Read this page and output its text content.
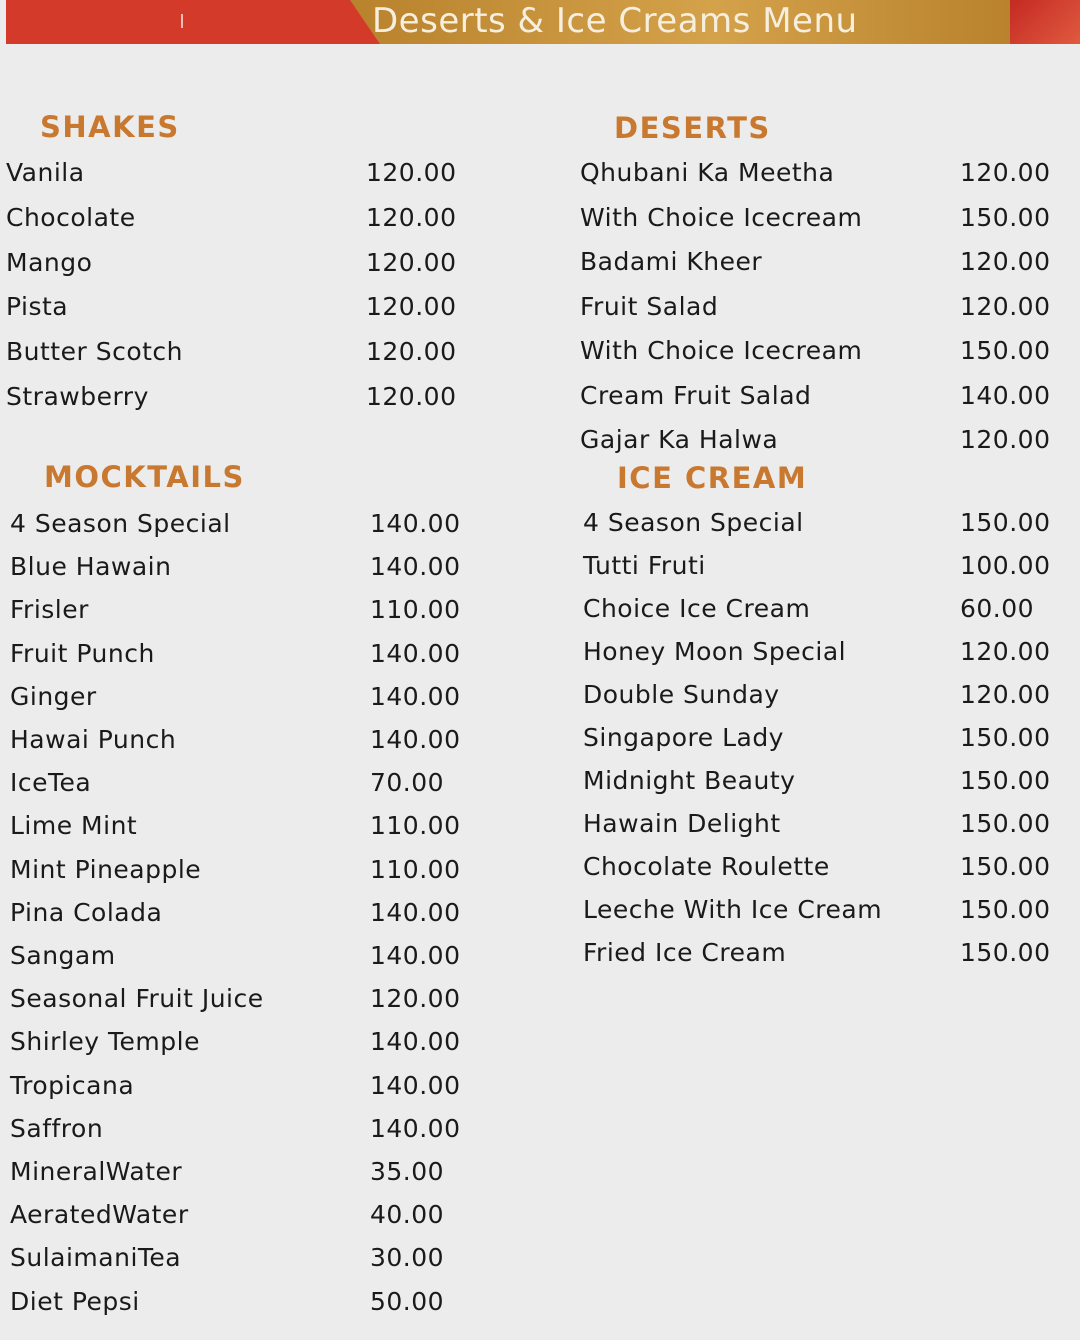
Deserts & Ice Creams Menu
SHAKES
MOCKTAILS
DESERTS
ICE CREAM
Vanila	120.00
Chocolate	120.00
Mango	120.00
Pista	120.00
Butter Scotch	120.00
Strawberry	120.00
4 Season Special	140.00
Blue Hawain	140.00
Frisler	110.00
Fruit Punch	140.00
Ginger	140.00
Hawai Punch	140.00
IceTea	70.00
Lime Mint	110.00
Mint Pineapple	110.00
Pina Colada	140.00
Sangam	140.00
Seasonal Fruit Juice	120.00
Shirley Temple	140.00
Tropicana	140.00
Saffron	140.00
MineralWater	35.00
AeratedWater	40.00
SulaimaniTea	30.00
Diet Pepsi	50.00
Qhubani Ka Meetha	120.00
With Choice Icecream	150.00
Badami Kheer	120.00
Fruit Salad	120.00
With Choice Icecream	150.00
Cream Fruit Salad	140.00
Gajar Ka Halwa	120.00
4 Season Special	150.00
Tutti Fruti	100.00
Choice Ice Cream	60.00
Honey Moon Special	120.00
Double Sunday	120.00
Singapore Lady	150.00
Midnight Beauty	150.00
Hawain Delight	150.00
Chocolate Roulette	150.00
Leeche With Ice Cream	150.00
Fried Ice Cream	150.00
